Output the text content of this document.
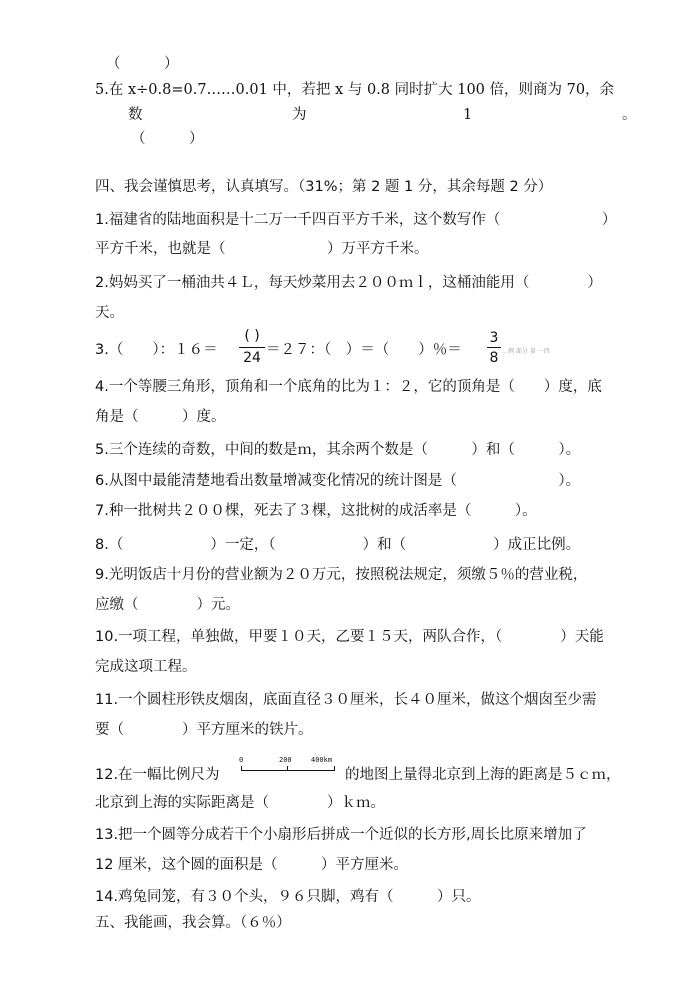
（　　　）
5.在 x÷0.8=0.7……0.01 中，若把 x 与 0.8 同时扩大 100 倍，则商为 70，余
数	为	1	。
（　　　）
四、我会谨慎思考，认真填写。（31%；第 2 题 1 分，其余每题 2 分）
1.福建省的陆地面积是十二万一千四百平方千米，这个数写作（　　　　　　　）
平方千米，也就是（　　　　　　　）万平方千米。
2.妈妈买了一桶油共４Ｌ，每天炒菜用去２００ｍｌ，这桶油能用（　　　　）
天。
3.（　　）：１６＝
( )
24 ＝２７：（　）＝（　　）％＝
3
8 …例 部分 第 一四
4.一个等腰三角形，顶角和一个底角的比为１：２，它的顶角是（　　）度，底
角是（　　　）度。
5.三个连续的奇数，中间的数是ｍ，其余两个数是（　　　）和（　　　）。
6.从图中最能清楚地看出数量增减变化情况的统计图是（　　　　　　　）。
7.种一批树共２００棵，死去了３棵，这批树的成活率是（　　　）。
8.（　　　　　　）一定，（　　　　　　）和（　　　　　　）成正比例。
9.光明饭店十月份的营业额为２０万元，按照税法规定，须缴５％的营业税，
应缴（　　　　）元。
10.一项工程，单独做，甲要１０天，乙要１５天，两队合作，（　　　　）天能
完成这项工程。
11.一个圆柱形铁皮烟囱，底面直径３０厘米，长４０厘米，做这个烟囱至少需
要（　　　　）平方厘米的铁片。
12.在一幅比例尺为
0	200	400km
的地图上量得北京到上海的距离是５ｃｍ，
北京到上海的实际距离是（　　　　）ｋｍ。
13.把一个圆等分成若干个小扇形后拼成一个近似的长方形,周长比原来增加了
12 厘米，这个圆的面积是（　　　）平方厘米。
14.鸡兔同笼，有３０个头，９６只脚，鸡有（　　　）只。
五、我能画，我会算。（６％）
